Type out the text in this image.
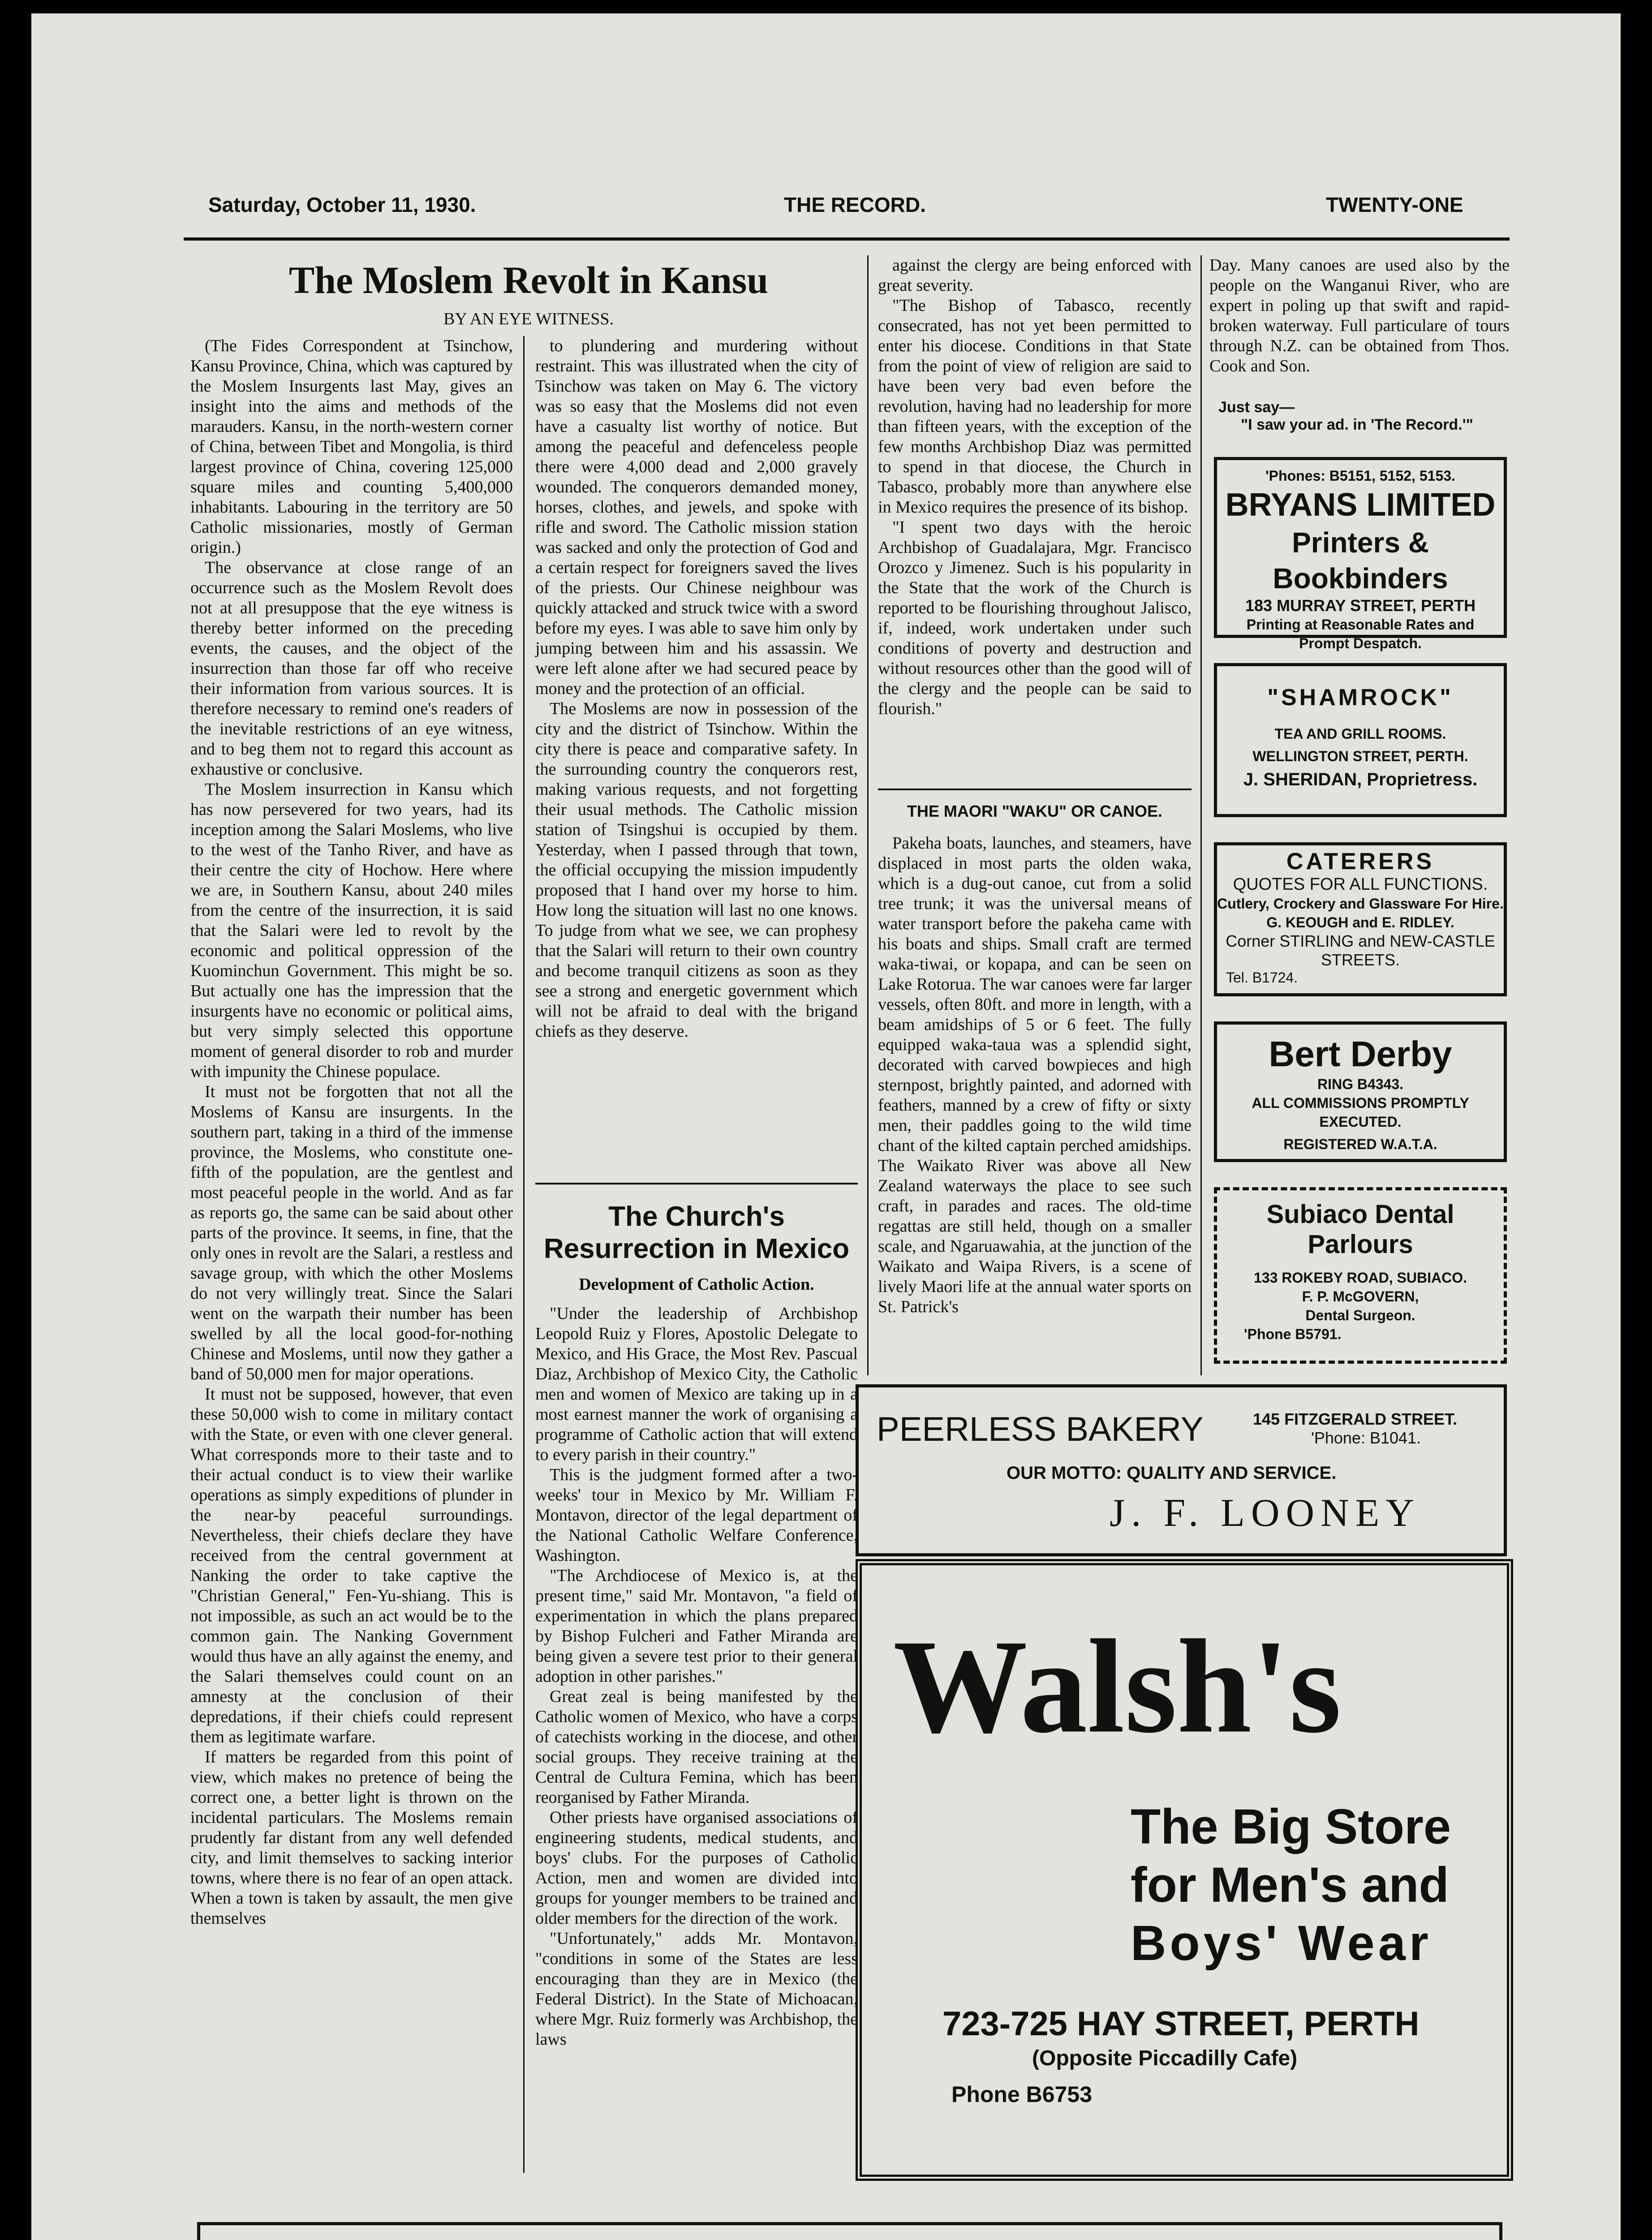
Saturday, October 11, 1930.	THE RECORD.	TWENTY-ONE
The Moslem Revolt in Kansu
BY AN EYE WITNESS.

(The Fides Correspondent at Tsinchow, Kansu Province, China, which was captured by the Moslem Insurgents last May, gives an insight into the aims and methods of the marauders. Kansu, in the north-western corner of China, between Tibet and Mongolia, is third largest province of China, covering 125,000 square miles and counting 5,400,000 inhabitants. Labouring in the territory are 50 Catholic missionaries, mostly of German origin.)

The observance at close range of an occurrence such as the Moslem Revolt does not at all presuppose that the eye witness is thereby better informed on the preceding events, the causes, and the object of the insurrection than those far off who receive their information from various sources. It is therefore necessary to remind one's readers of the inevitable restrictions of an eye witness, and to beg them not to regard this account as exhaustive or conclusive.

The Moslem insurrection in Kansu which has now persevered for two years, had its inception among the Salari Moslems, who live to the west of the Tanho River, and have as their centre the city of Hochow. Here where we are, in Southern Kansu, about 240 miles from the centre of the insurrection, it is said that the Salari were led to revolt by the economic and political oppression of the Kuominchun Government. This might be so. But actually one has the impression that the insurgents have no economic or political aims, but very simply selected this opportune moment of general disorder to rob and murder with impunity the Chinese populace.

It must not be forgotten that not all the Moslems of Kansu are insurgents. In the southern part, taking in a third of the immense province, the Moslems, who constitute one-fifth of the population, are the gentlest and most peaceful people in the world. And as far as reports go, the same can be said about other parts of the province. It seems, in fine, that the only ones in revolt are the Salari, a restless and savage group, with which the other Moslems do not very willingly treat. Since the Salari went on the warpath their number has been swelled by all the local good-for-nothing Chinese and Moslems, until now they gather a band of 50,000 men for major operations.

It must not be supposed, however, that even these 50,000 wish to come in military contact with the State, or even with one clever general. What corresponds more to their taste and to their actual conduct is to view their warlike operations as simply expeditions of plunder in the near-by peaceful surroundings. Nevertheless, their chiefs declare they have received from the central government at Nanking the order to take captive the "Christian General," Fen-Yu-shiang. This is not impossible, as such an act would be to the common gain. The Nanking Government would thus have an ally against the enemy, and the Salari themselves could count on an amnesty at the conclusion of their depredations, if their chiefs could represent them as legitimate warfare.

If matters be regarded from this point of view, which makes no pretence of being the correct one, a better light is thrown on the incidental particulars. The Moslems remain prudently far distant from any well defended city, and limit themselves to sacking interior towns, where there is no fear of an open attack. When a town is taken by assault, the men give themselves

to plundering and murdering without restraint. This was illustrated when the city of Tsinchow was taken on May 6. The victory was so easy that the Moslems did not even have a casualty list worthy of notice. But among the peaceful and defenceless people there were 4,000 dead and 2,000 gravely wounded. The conquerors demanded money, horses, clothes, and jewels, and spoke with rifle and sword. The Catholic mission station was sacked and only the protection of God and a certain respect for foreigners saved the lives of the priests. Our Chinese neighbour was quickly attacked and struck twice with a sword before my eyes. I was able to save him only by jumping between him and his assassin. We were left alone after we had secured peace by money and the protection of an official.

The Moslems are now in possession of the city and the district of Tsinchow. Within the city there is peace and comparative safety. In the surrounding country the conquerors rest, making various requests, and not forgetting their usual methods. The Catholic mission station of Tsingshui is occupied by them. Yesterday, when I passed through that town, the official occupying the mission impudently proposed that I hand over my horse to him. How long the situation will last no one knows. To judge from what we see, we can prophesy that the Salari will return to their own country and become tranquil citizens as soon as they see a strong and energetic government which will not be afraid to deal with the brigand chiefs as they deserve.

The Church's Resurrection in Mexico
Development of Catholic Action.

"Under the leadership of Archbishop Leopold Ruiz y Flores, Apostolic Delegate to Mexico, and His Grace, the Most Rev. Pascual Diaz, Archbishop of Mexico City, the Catholic men and women of Mexico are taking up in a most earnest manner the work of organising a programme of Catholic action that will extend to every parish in their country."

This is the judgment formed after a two-weeks' tour in Mexico by Mr. William F. Montavon, director of the legal department of the National Catholic Welfare Conference, Washington.

"The Archdiocese of Mexico is, at the present time," said Mr. Montavon, "a field of experimentation in which the plans prepared by Bishop Fulcheri and Father Miranda are being given a severe test prior to their general adoption in other parishes."

Great zeal is being manifested by the Catholic women of Mexico, who have a corps of catechists working in the diocese, and other social groups. They receive training at the Central de Cultura Femina, which has been reorganised by Father Miranda.

Other priests have organised associations of engineering students, medical students, and boys' clubs. For the purposes of Catholic Action, men and women are divided into groups for younger members to be trained and older members for the direction of the work.

"Unfortunately," adds Mr. Montavon, "conditions in some of the States are less encouraging than they are in Mexico (the Federal District). In the State of Michoacan, where Mgr. Ruiz formerly was Archbishop, the laws

against the clergy are being enforced with great severity.

"The Bishop of Tabasco, recently consecrated, has not yet been permitted to enter his diocese. Conditions in that State from the point of view of religion are said to have been very bad even before the revolution, having had no leadership for more than fifteen years, with the exception of the few months Archbishop Diaz was permitted to spend in that diocese, the Church in Tabasco, probably more than anywhere else in Mexico requires the presence of its bishop.

"I spent two days with the heroic Archbishop of Guadalajara, Mgr. Francisco Orozco y Jimenez. Such is his popularity in the State that the work of the Church is reported to be flourishing throughout Jalisco, if, indeed, work undertaken under such conditions of poverty and destruction and without resources other than the good will of the clergy and the people can be said to flourish."

THE MAORI "WAKU" OR CANOE.

Pakeha boats, launches, and steamers, have displaced in most parts the olden waka, which is a dug-out canoe, cut from a solid tree trunk; it was the universal means of water transport before the pakeha came with his boats and ships. Small craft are termed waka-tiwai, or kopapa, and can be seen on Lake Rotorua. The war canoes were far larger vessels, often 80ft. and more in length, with a beam amidships of 5 or 6 feet. The fully equipped waka-taua was a splendid sight, decorated with carved bowpieces and high sternpost, brightly painted, and adorned with feathers, manned by a crew of fifty or sixty men, their paddles going to the wild time chant of the kilted captain perched amidships. The Waikato River was above all New Zealand waterways the place to see such craft, in parades and races. The old-time regattas are still held, though on a smaller scale, and Ngaruawahia, at the junction of the Waikato and Waipa Rivers, is a scene of lively Maori life at the annual water sports on St. Patrick's

Day. Many canoes are used also by the people on the Wanganui River, who are expert in poling up that swift and rapid-broken waterway. Full particulare of tours through N.Z. can be obtained from Thos. Cook and Son.
Just say—
"I saw your ad. in 'The Record.'"
'Phones: B5151, 5152, 5153.
BRYANS LIMITED
Printers & Bookbinders
183 MURRAY STREET, PERTH
Printing at Reasonable Rates and Prompt Despatch.
"SHAMROCK"
TEA AND GRILL ROOMS.
WELLINGTON STREET, PERTH.
J. SHERIDAN, Proprietress.
CATERERS
QUOTES FOR ALL FUNCTIONS.
Cutlery, Crockery and Glassware For Hire.
G. KEOUGH and E. RIDLEY.
Corner STIRLING and NEW-CASTLE STREETS.
Tel. B1724.
Bert Derby
RING B4343.
ALL COMMISSIONS PROMPTLY EXECUTED.
REGISTERED W.A.T.A.
Subiaco Dental Parlours
133 ROKEBY ROAD, SUBIACO.
F. P. McGOVERN,
Dental Surgeon.
'Phone B5791.
PEERLESS BAKERY	145 FITZGERALD STREET.
'Phone: B1041.
OUR MOTTO: QUALITY AND SERVICE.
J. F. LOONEY
Walsh's
The Big Store
for Men's and
Boys' Wear
723-725 HAY STREET, PERTH
(Opposite Piccadilly Cafe)
Phone B6753
